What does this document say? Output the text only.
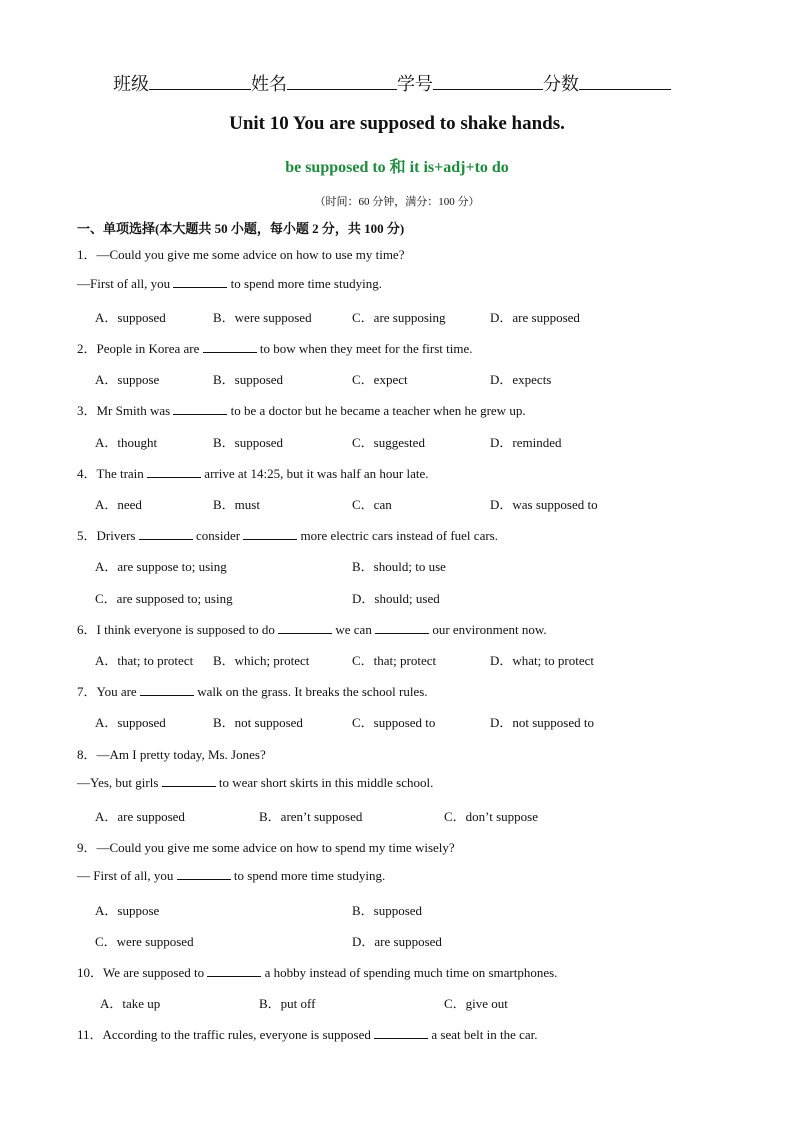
班级	姓名	学号	分数
Unit 10 You are supposed to shake hands.
be supposed to 和 it is+adj+to do
（时间：60 分钟，满分：100 分）
一、单项选择(本大题共 50 小题，每小题 2 分，共 100 分)
1．—Could you give me some advice on how to use my time?
—First of all, you	to spend more time studying.
A．supposed	B．were supposed	C．are supposing	D．are supposed
2．People in Korea are	to bow when they meet for the first time.
A．suppose	B．supposed	C．expect	D．expects
3．Mr Smith was	to be a doctor but he became a teacher when he grew up.
A．thought	B．supposed	C．suggested	D．reminded
4．The train	arrive at 14:25, but it was half an hour late.
A．need	B．must	C．can	D．was supposed to
5．Drivers	consider	more electric cars instead of fuel cars.
A．are suppose to; using	B．should; to use
C．are supposed to; using	D．should; used
6．I think everyone is supposed to do	we can	our environment now.
A．that; to protect B．which; protect	C．that; protect	D．what; to protect
7．You are	walk on the grass. It breaks the school rules.
A．supposed	B．not supposed	C．supposed to	D．not supposed to
8．—Am I pretty today, Ms. Jones?
—Yes, but girls	to wear short skirts in this middle school.
A．are supposed	B．aren’t supposed	C．don’t suppose
9．—Could you give me some advice on how to spend my time wisely?
— First of all, you	to spend more time studying.
A．suppose	B．supposed
C．were supposed	D．are supposed
10．We are supposed to	a hobby instead of spending much time on smartphones.
A．take up	B．put off	C．give out
11．According to the traffic rules, everyone is supposed	a seat belt in the car.
